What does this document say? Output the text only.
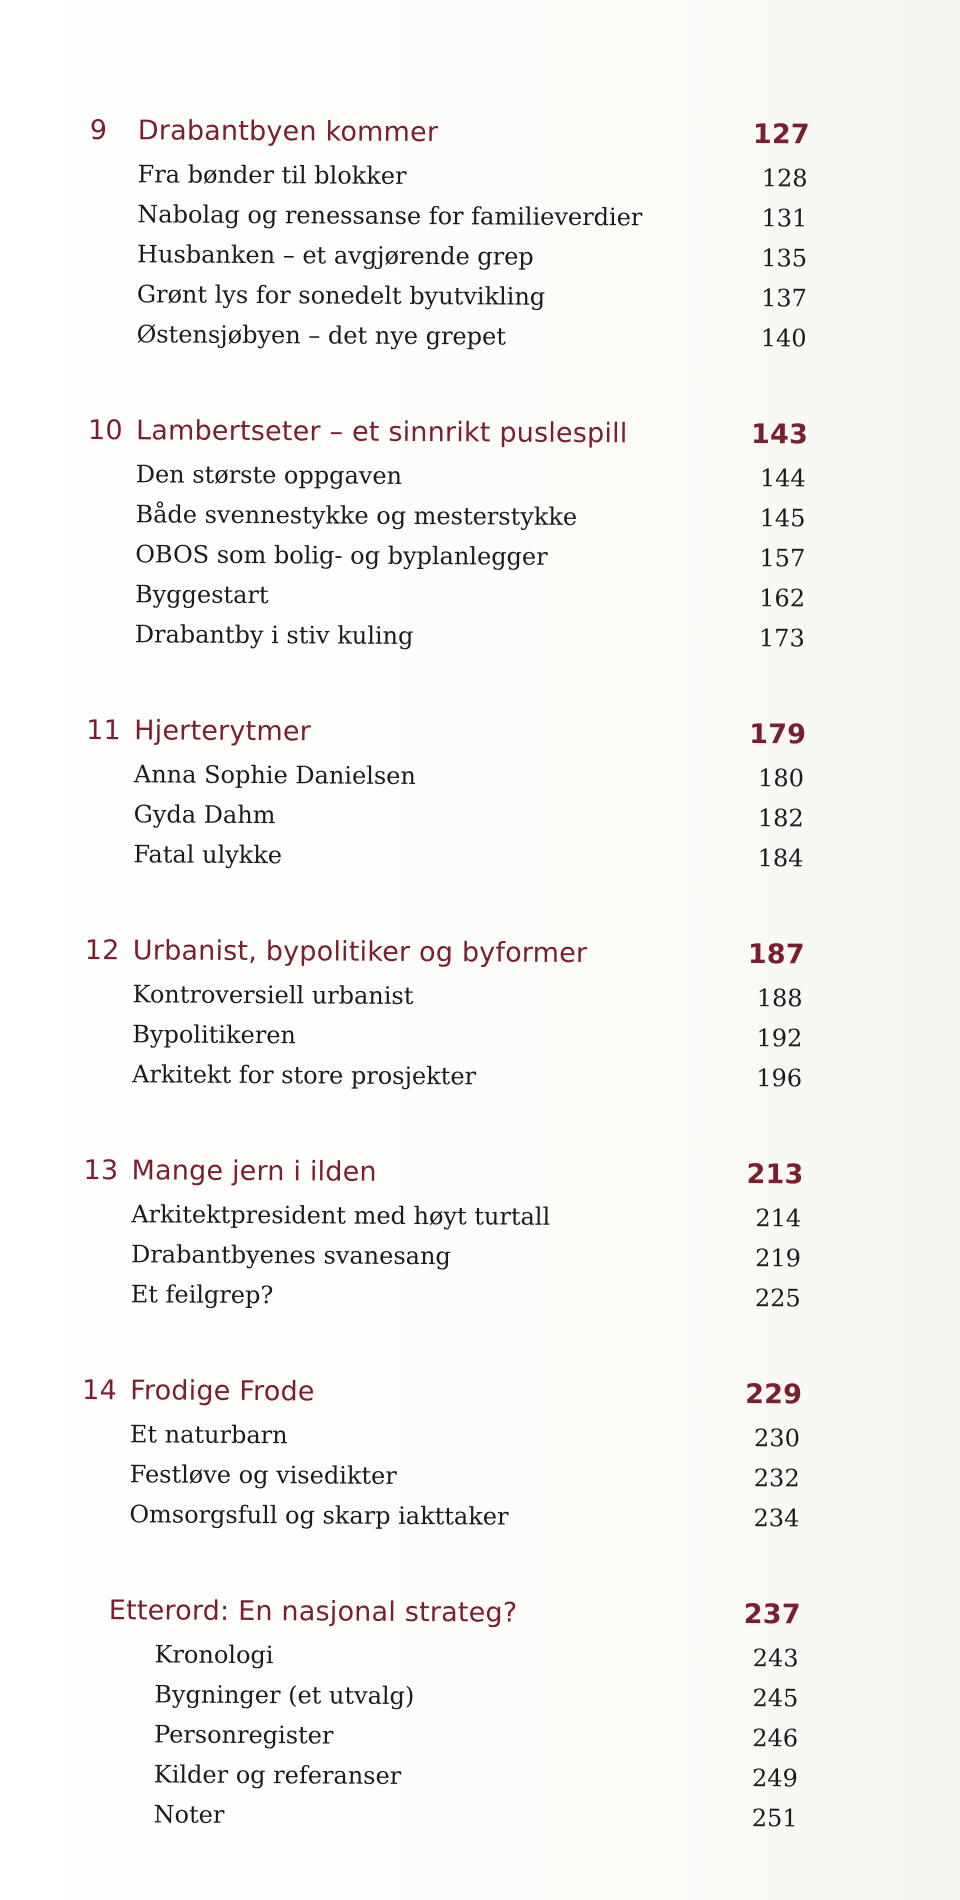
9 Drabantbyen kommer	127
Fra bønder til blokker	128
Nabolag og renessanse for familieverdier	131
Husbanken – et avgjørende grep	135
Grønt lys for sonedelt byutvikling	137
Østensjøbyen – det nye grepet	140
10 Lambertseter – et sinnrikt puslespill	143
Den største oppgaven	144
Både svennestykke og mesterstykke	145
OBOS som bolig- og byplanlegger	157
Byggestart	162
Drabantby i stiv kuling	173
11 Hjerterytmer	179
Anna Sophie Danielsen	180
Gyda Dahm	182
Fatal ulykke	184
12 Urbanist, bypolitiker og byformer	187
Kontroversiell urbanist	188
Bypolitikeren	192
Arkitekt for store prosjekter	196
13 Mange jern i ilden	213
Arkitektpresident med høyt turtall	214
Drabantbyenes svanesang	219
Et feilgrep?	225
14 Frodige Frode	229
Et naturbarn	230
Festløve og visedikter	232
Omsorgsfull og skarp iakttaker	234
Etterord: En nasjonal strateg?	237
Kronologi	243
Bygninger (et utvalg)	245
Personregister	246
Kilder og referanser	249
Noter	251
